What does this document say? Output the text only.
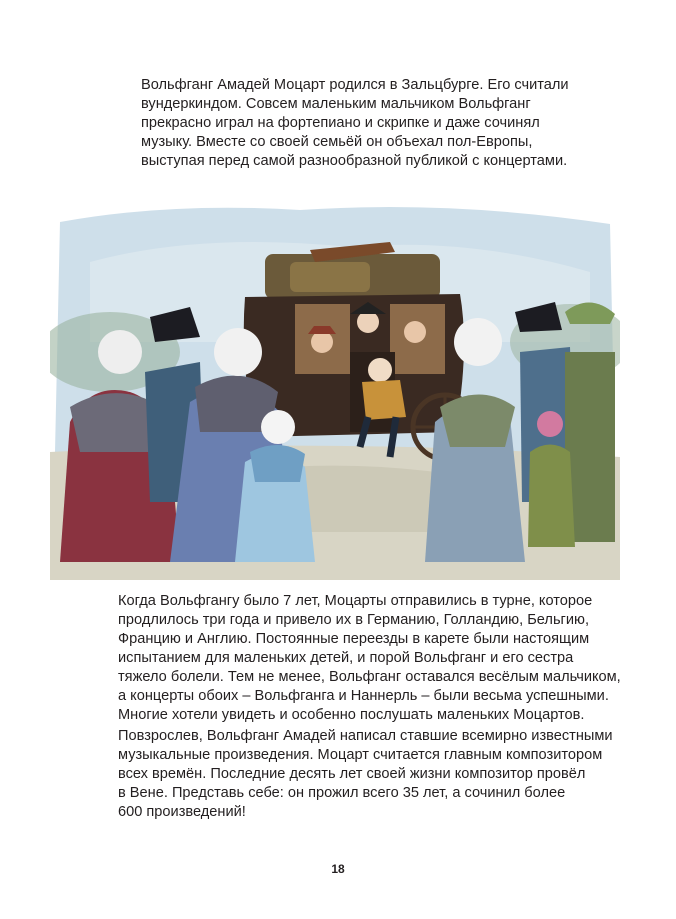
Вольфганг Амадей Моцарт родился в Зальцбурге. Его считали
вундеркиндом. Совсем маленьким мальчиком Вольфганг
прекрасно играл на фортепиано и скрипке и даже сочинял
музыку. Вместе со своей семьёй он объехал пол-Европы,
выступая перед самой разнообразной публикой с концертами.

Когда Вольфгангу было 7 лет, Моцарты отправились в турне, которое
продлилось три года и привело их в Германию, Голландию, Бельгию,
Францию и Англию. Постоянные переезды в карете были настоящим
испытанием для маленьких детей, и порой Вольфганг и его сестра
тяжело болели. Тем не менее, Вольфганг оставался весёлым мальчиком,
а концерты обоих – Вольфганга и Наннерль – были весьма успешными.
Многие хотели увидеть и особенно послушать маленьких Моцартов.

Повзрослев, Вольфганг Амадей написал ставшие всемирно известными
музыкальные произведения. Моцарт считается главным композитором
всех времён. Последние десять лет своей жизни композитор провёл
в Вене. Представь себе: он прожил всего 35 лет, а сочинил более
600 произведений!

18
